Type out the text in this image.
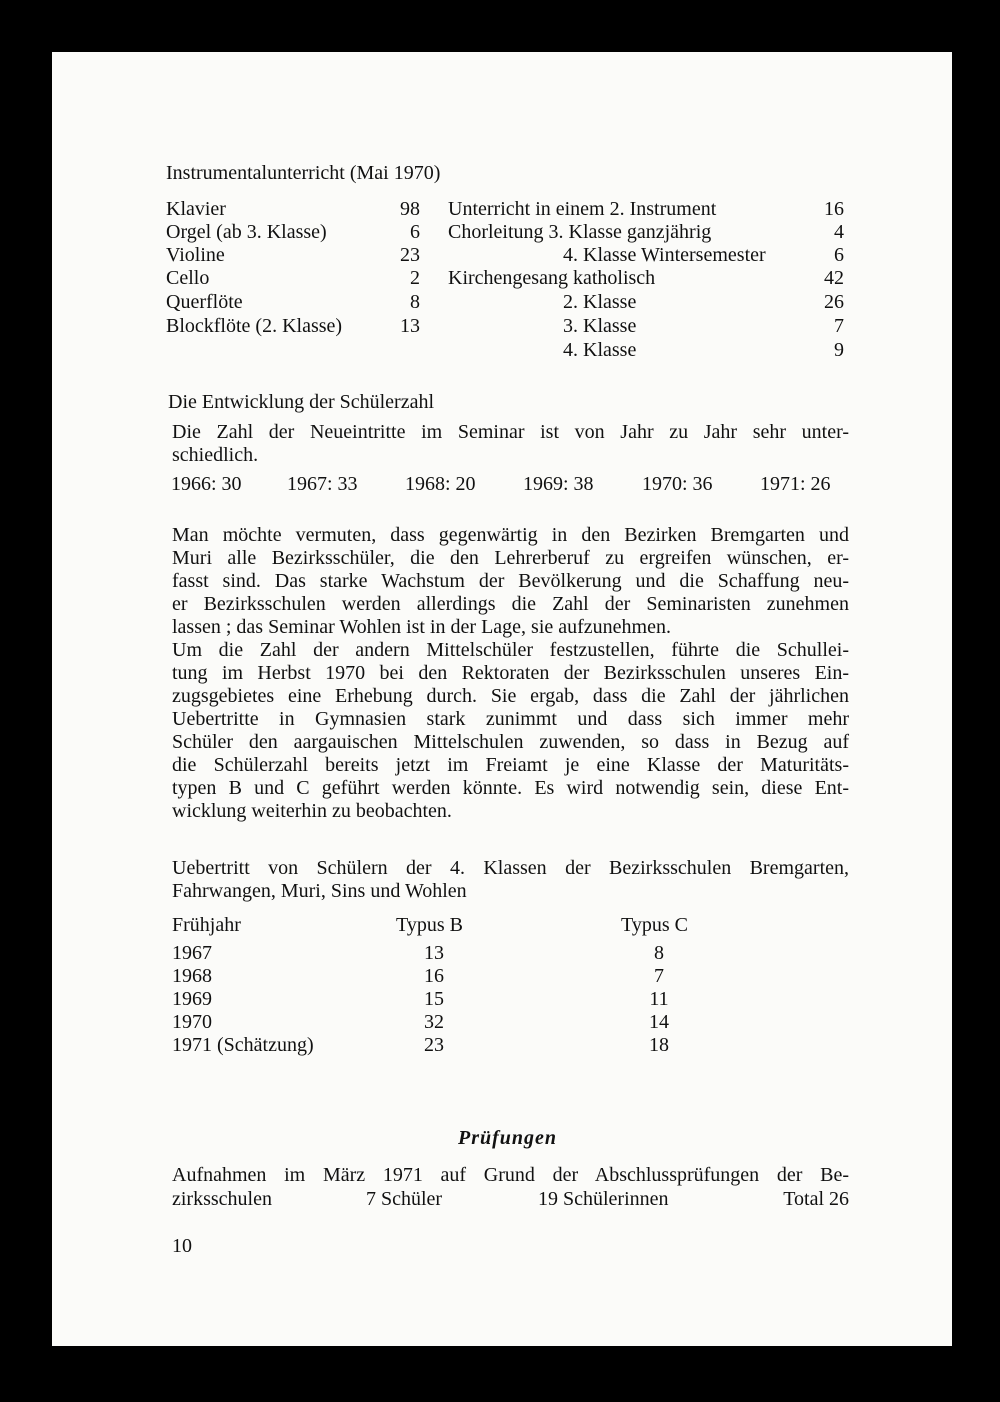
Instrumentalunterricht (Mai 1970)
Klavier	98
Orgel (ab 3. Klasse)	6
Violine	23
Cello	2
Querflöte	8
Blockflöte (2. Klasse)	13
Unterricht in einem 2. Instrument	16
Chorleitung 3. Klasse ganzjährig	4
4. Klasse Wintersemester	6
Kirchengesang katholisch	42
2. Klasse	26
3. Klasse	7
4. Klasse	9
Die Entwicklung der Schülerzahl
Die Zahl der Neueintritte im Seminar ist von Jahr zu Jahr sehr unter-
schiedlich.
1966: 30 1967: 33 1968: 20 1969: 38 1970: 36 1971: 26
Man möchte vermuten, dass gegenwärtig in den Bezirken Bremgarten und
Muri alle Bezirksschüler, die den Lehrerberuf zu ergreifen wünschen, er-
fasst sind. Das starke Wachstum der Bevölkerung und die Schaffung neu-
er Bezirksschulen werden allerdings die Zahl der Seminaristen zunehmen
lassen ; das Seminar Wohlen ist in der Lage, sie aufzunehmen.
Um die Zahl der andern Mittelschüler festzustellen, führte die Schullei-
tung im Herbst 1970 bei den Rektoraten der Bezirksschulen unseres Ein-
zugsgebietes eine Erhebung durch. Sie ergab, dass die Zahl der jährlichen
Uebertritte in Gymnasien stark zunimmt und dass sich immer mehr
Schüler den aargauischen Mittelschulen zuwenden, so dass in Bezug auf
die Schülerzahl bereits jetzt im Freiamt je eine Klasse der Maturitäts-
typen B und C geführt werden könnte. Es wird notwendig sein, diese Ent-
wicklung weiterhin zu beobachten.
Uebertritt von Schülern der 4. Klassen der Bezirksschulen Bremgarten,
Fahrwangen, Muri, Sins und Wohlen
Frühjahr	Typus B	Typus C
1967	13	8
1968	16	7
1969	15	11
1970	32	14
1971 (Schätzung)	23	18
Prüfungen
Aufnahmen im März 1971 auf Grund der Abschlussprüfungen der Be-
zirksschulen	7 Schüler	19 Schülerinnen	Total 26
10
